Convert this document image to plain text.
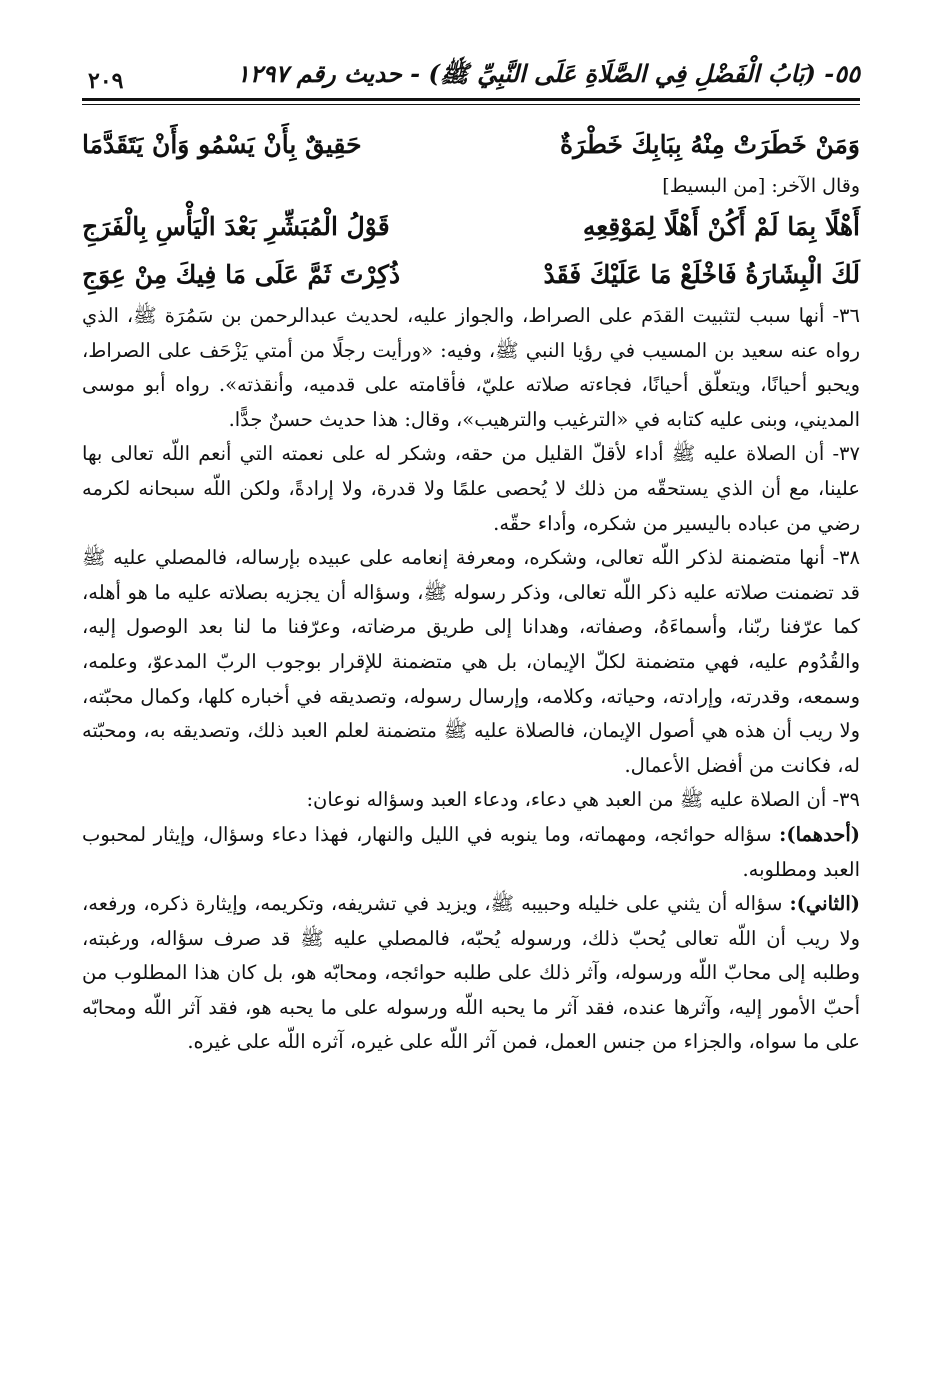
٥٥- (بَابُ الْفَضْلِ فِي الصَّلَاةِ عَلَى النَّبِيِّ ﷺ) - حديث رقم ١٢٩٧
٢٠٩
وَمَنْ خَطَرَتْ مِنْهُ بِبَابِكَ خَطْرَةٌ
حَقِيقٌ بِأَنْ يَسْمُو وَأَنْ يَتَقَدَّمَا
وقال الآخر: [من البسيط]
أَهْلًا بِمَا لَمْ أَكُنْ أَهْلًا لِمَوْقِعِهِ
قَوْلُ الْمُبَشِّرِ بَعْدَ الْيَأْسِ بِالْفَرَجِ
لَكَ الْبِشَارَةُ فَاخْلَعْ مَا عَلَيْكَ فَقَدْ
ذُكِرْتَ ثَمَّ عَلَى مَا فِيكَ مِنْ عِوَجِ

٣٦- أنها سبب لتثبيت القدَم على الصراط، والجواز عليه، لحديث عبدالرحمن بن سَمُرَة ﷺ، الذي رواه عنه سعيد بن المسيب في رؤيا النبي ﷺ، وفيه: «ورأيت رجلًا من أمتي يَزْحَف على الصراط، ويحبو أحيانًا، ويتعلّق أحيانًا، فجاءته صلاته عليّ، فأقامته على قدميه، وأنقذته». رواه أبو موسى المديني، وبنى عليه كتابه في «الترغيب والترهيب»، وقال: هذا حديث حسنٌ جدًّا.

٣٧- أن الصلاة عليه ﷺ أداء لأقلّ القليل من حقه، وشكر له على نعمته التي أنعم اللّه تعالى بها علينا، مع أن الذي يستحقّه من ذلك لا يُحصى علمًا ولا قدرة، ولا إرادةً، ولكن اللّه سبحانه لكرمه رضي من عباده باليسير من شكره، وأداء حقّه.

٣٨- أنها متضمنة لذكر اللّه تعالى، وشكره، ومعرفة إنعامه على عبيده بإرساله، فالمصلي عليه ﷺ قد تضمنت صلاته عليه ذكر اللّه تعالى، وذكر رسوله ﷺ، وسؤاله أن يجزيه بصلاته عليه ما هو أهله، كما عرّفنا ربّنا، وأسماءَهُ، وصفاته، وهدانا إلى طريق مرضاته، وعرّفنا ما لنا بعد الوصول إليه، والقُدُوم عليه، فهي متضمنة لكلّ الإيمان، بل هي متضمنة للإقرار بوجوب الربّ المدعوّ، وعلمه، وسمعه، وقدرته، وإرادته، وحياته، وكلامه، وإرسال رسوله، وتصديقه في أخباره كلها، وكمال محبّته، ولا ريب أن هذه هي أصول الإيمان، فالصلاة عليه ﷺ متضمنة لعلم العبد ذلك، وتصديقه به، ومحبّته له، فكانت من أفضل الأعمال.

٣٩- أن الصلاة عليه ﷺ من العبد هي دعاء، ودعاء العبد وسؤاله نوعان:

(أحدهما): سؤاله حوائجه، ومهماته، وما ينوبه في الليل والنهار، فهذا دعاء وسؤال، وإيثار لمحبوب العبد ومطلوبه.

(الثاني): سؤاله أن يثني على خليله وحبيبه ﷺ، ويزيد في تشريفه، وتكريمه، وإيثارة ذكره، ورفعه، ولا ريب أن اللّه تعالى يُحبّ ذلك، ورسوله يُحبّه، فالمصلي عليه ﷺ قد صرف سؤاله، ورغبته، وطلبه إلى محابّ اللّه ورسوله، وآثر ذلك على طلبه حوائجه، ومحابّه هو، بل كان هذا المطلوب من أحبّ الأمور إليه، وآثرها عنده، فقد آثر ما يحبه اللّه ورسوله على ما يحبه هو، فقد آثر اللّه ومحابّه على ما سواه، والجزاء من جنس العمل، فمن آثر اللّه على غيره، آثره اللّه على غيره.
